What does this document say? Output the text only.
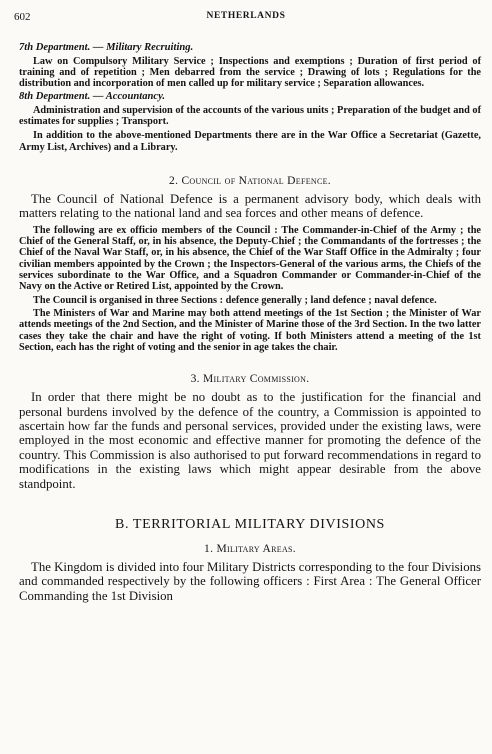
602	NETHERLANDS
7th Department. — Military Recruiting.

Law on Compulsory Military Service ; Inspections and exemptions ; Duration of first period of training and of repetition ; Men debarred from the service ; Drawing of lots ; Regulations for the distribution and incorporation of men called up for military service ; Separation allowances.

8th Department. — Accountancy.

Administration and supervision of the accounts of the various units ; Preparation of the budget and of estimates for supplies ; Transport.

In addition to the above-mentioned Departments there are in the War Office a Secretariat (Gazette, Army List, Archives) and a Library.

2. Council of National Defence.

The Council of National Defence is a permanent advisory body, which deals with matters relating to the national land and sea forces and other means of defence.

The following are ex officio members of the Council : The Commander-in-Chief of the Army ; the Chief of the General Staff, or, in his absence, the Deputy-Chief ; the Commandants of the fortresses ; the Chief of the Naval War Staff, or, in his absence, the Chief of the War Staff Office in the Admiralty ; four civilian members appointed by the Crown ; the Inspectors-General of the various arms, the Chiefs of the services subordinate to the War Office, and a Squadron Commander or Commander-in-Chief of the Navy on the Active or Retired List, appointed by the Crown.

The Council is organised in three Sections : defence generally ; land defence ; naval defence.

The Ministers of War and Marine may both attend meetings of the 1st Section ; the Minister of War attends meetings of the 2nd Section, and the Minister of Marine those of the 3rd Section. In the two latter cases they take the chair and have the right of voting. If both Ministers attend a meeting of the 1st Section, each has the right of voting and the senior in age takes the chair.

3. Military Commission.

In order that there might be no doubt as to the justification for the financial and personal burdens involved by the defence of the country, a Commission is appointed to ascertain how far the funds and personal services, provided under the existing laws, were employed in the most economic and effective manner for promoting the defence of the country. This Commission is also authorised to put forward recommendations in regard to modifications in the existing laws which might appear desirable from the above standpoint.

B. TERRITORIAL MILITARY DIVISIONS
1. Military Areas.

The Kingdom is divided into four Military Districts corresponding to the four Divisions and commanded respectively by the following officers : First Area : The General Officer Commanding the 1st Division
